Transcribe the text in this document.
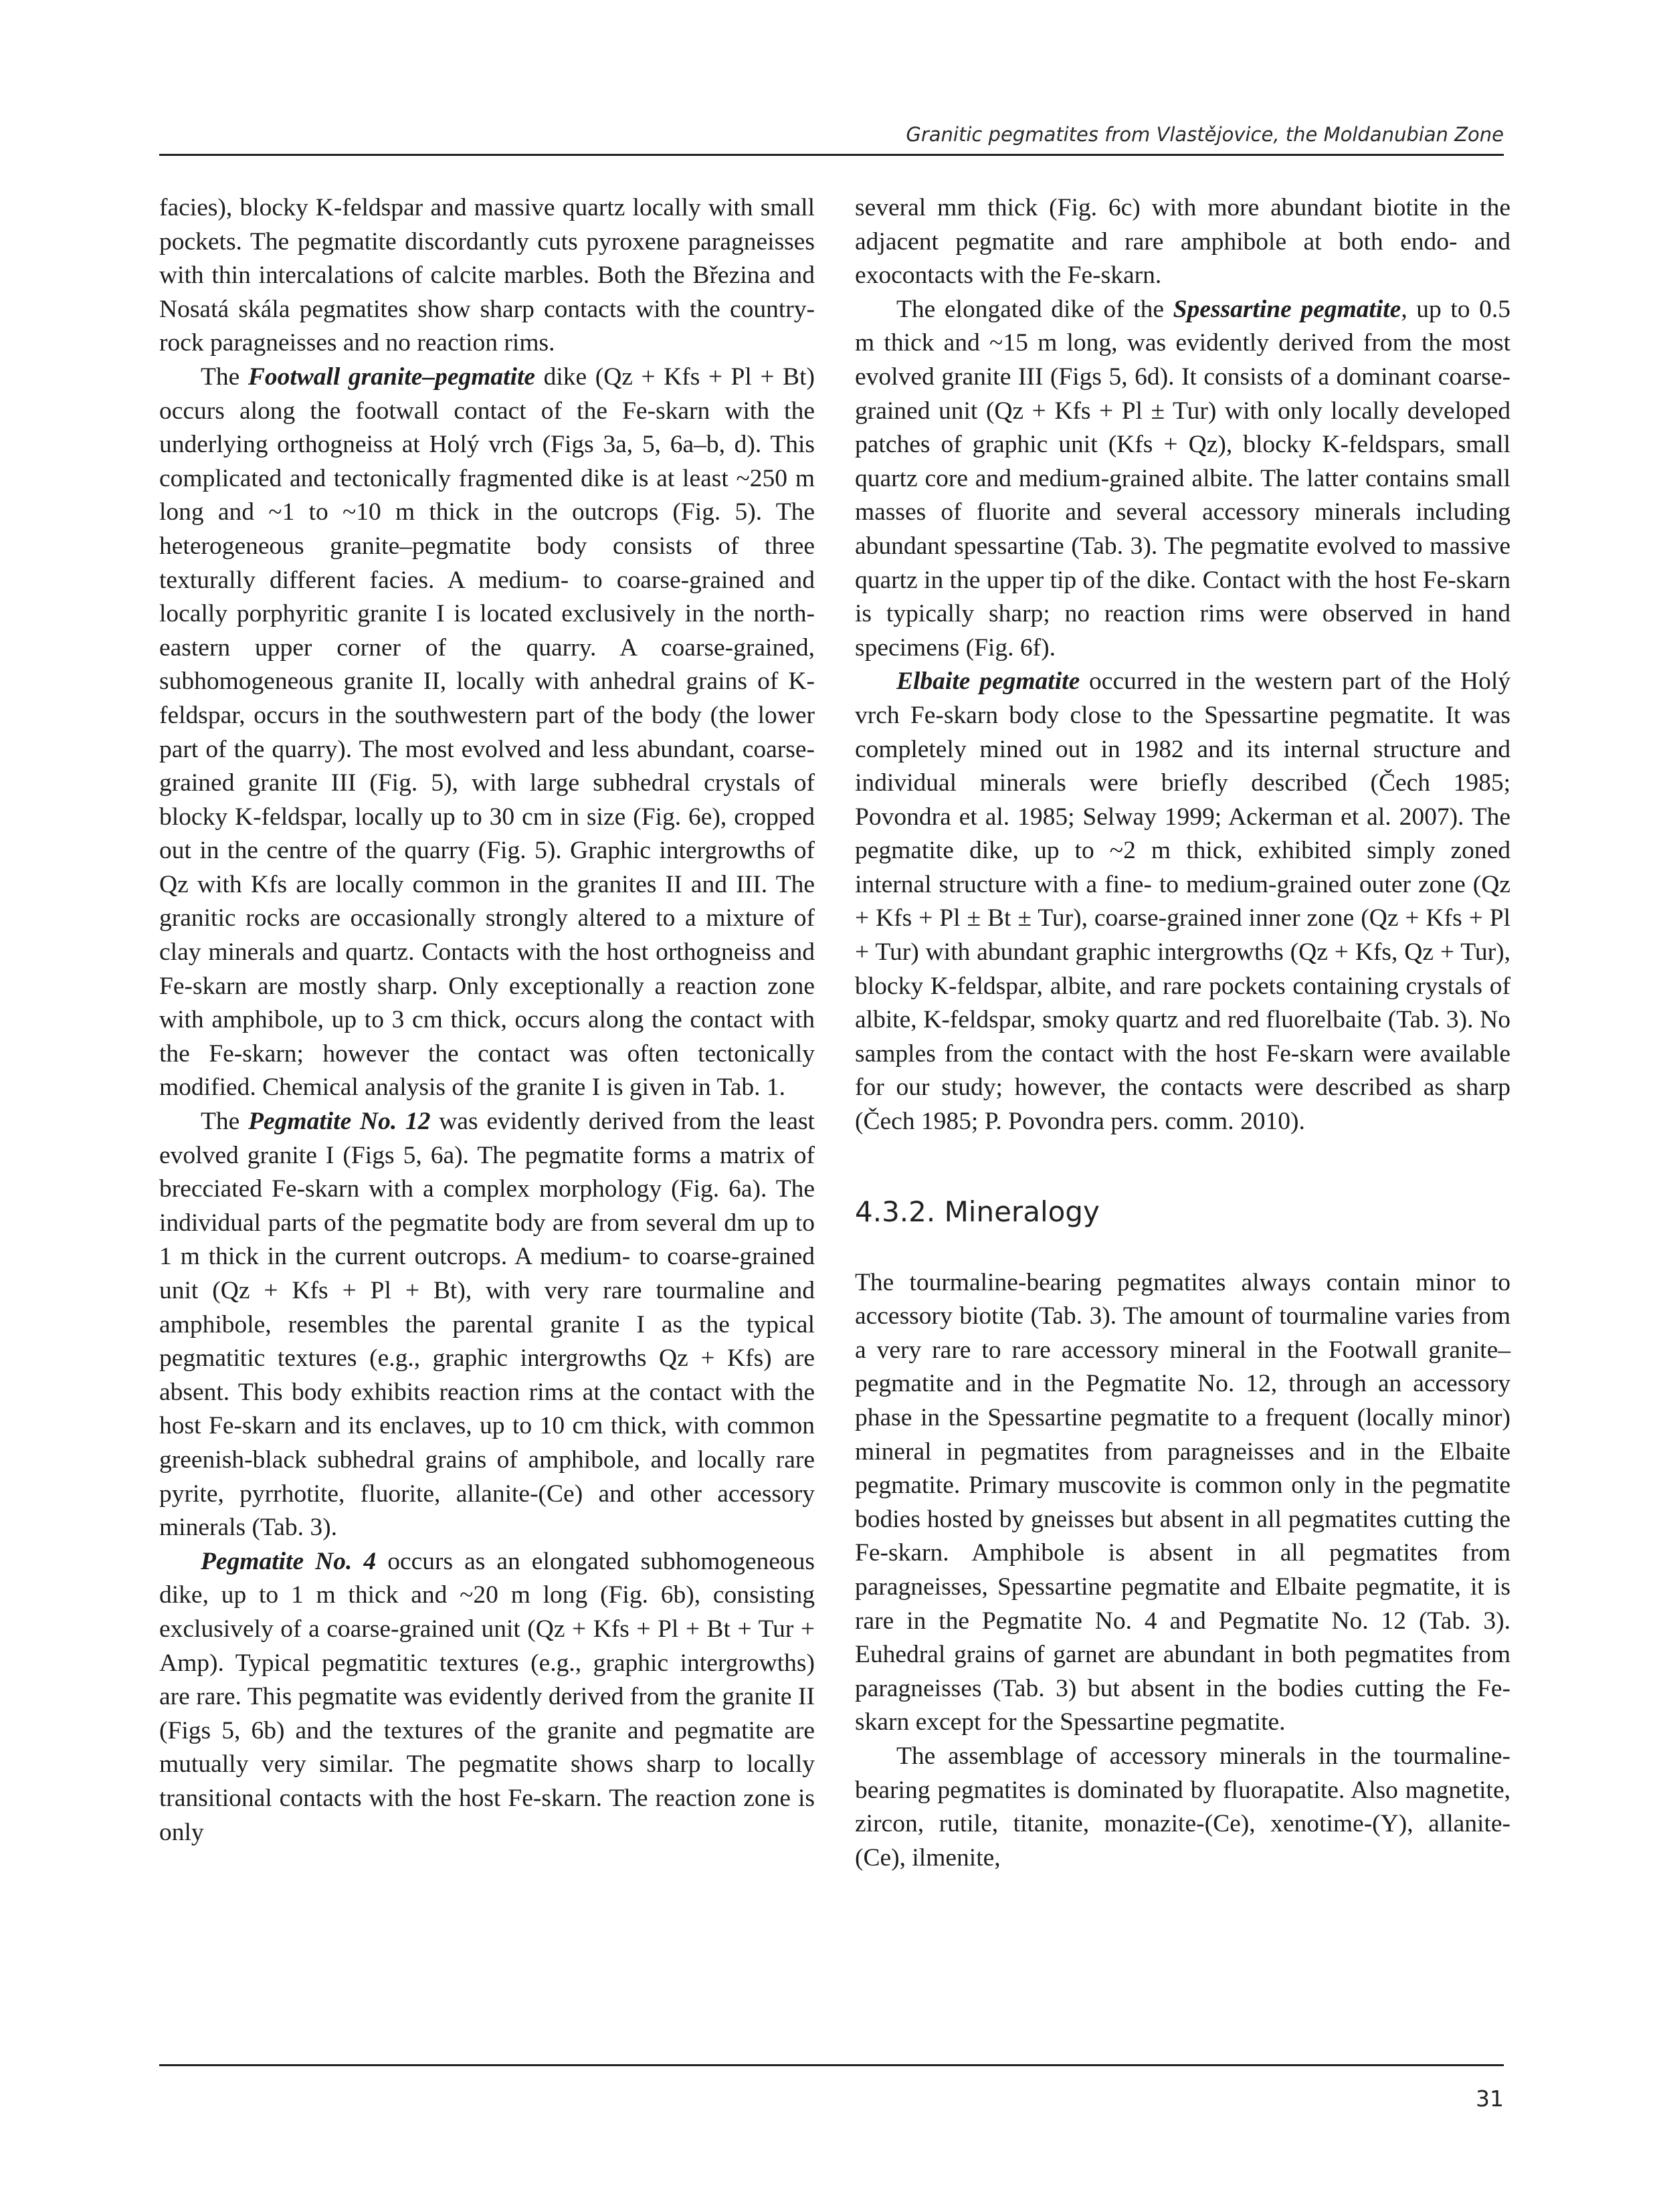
Granitic pegmatites from Vlastějovice, the Moldanubian Zone

facies), blocky K-feldspar and massive quartz locally with small pockets. The pegmatite discordantly cuts pyroxene paragneisses with thin intercalations of calcite marbles. Both the Březina and Nosatá skála pegmatites show sharp contacts with the country-rock paragneisses and no reaction rims.

The Footwall granite–pegmatite dike (Qz + Kfs + Pl + Bt) occurs along the footwall contact of the Fe-skarn with the underlying orthogneiss at Holý vrch (Figs 3a, 5, 6a–b, d). This complicated and tectonically fragmented dike is at least ~250 m long and ~1 to ~10 m thick in the outcrops (Fig. 5). The heterogeneous granite–pegmatite body consists of three texturally different facies. A medium- to coarse-grained and locally porphyritic granite I is located exclusively in the north-eastern upper corner of the quarry. A coarse-grained, subhomogeneous granite II, locally with anhedral grains of K-feldspar, occurs in the southwestern part of the body (the lower part of the quarry). The most evolved and less abundant, coarsegrained granite III (Fig. 5), with large subhedral crystals of blocky K-feldspar, locally up to 30 cm in size (Fig. 6e), cropped out in the centre of the quarry (Fig. 5). Graphic intergrowths of Qz with Kfs are locally common in the granites II and III. The granitic rocks are occasionally strongly altered to a mixture of clay minerals and quartz. Contacts with the host orthogneiss and Fe-skarn are mostly sharp. Only exceptionally a reaction zone with amphibole, up to 3 cm thick, occurs along the contact with the Fe-skarn; however the contact was often tectonically modified. Chemical analysis of the granite I is given in Tab. 1.

The Pegmatite No. 12 was evidently derived from the least evolved granite I (Figs 5, 6a). The pegmatite forms a matrix of brecciated Fe-skarn with a complex morphology (Fig. 6a). The individual parts of the pegmatite body are from several dm up to 1 m thick in the current outcrops. A medium- to coarse-grained unit (Qz + Kfs + Pl + Bt), with very rare tourmaline and amphibole, resembles the parental granite I as the typical pegmatitic textures (e.g., graphic intergrowths Qz + Kfs) are absent. This body exhibits reaction rims at the contact with the host Fe-skarn and its enclaves, up to 10 cm thick, with common greenish-black subhedral grains of amphibole, and locally rare pyrite, pyrrhotite, fluorite, allanite-(Ce) and other accessory minerals (Tab. 3).

Pegmatite No. 4 occurs as an elongated subhomogeneous dike, up to 1 m thick and ~20 m long (Fig. 6b), consisting exclusively of a coarse-grained unit (Qz + Kfs + Pl + Bt + Tur + Amp). Typical pegmatitic textures (e.g., graphic intergrowths) are rare. This pegmatite was evidently derived from the granite II (Figs 5, 6b) and the textures of the granite and pegmatite are mutually very similar. The pegmatite shows sharp to locally transitional contacts with the host Fe-skarn. The reaction zone is only

several mm thick (Fig. 6c) with more abundant biotite in the adjacent pegmatite and rare amphibole at both endo- and exocontacts with the Fe-skarn.

The elongated dike of the Spessartine pegmatite, up to 0.5 m thick and ~15 m long, was evidently derived from the most evolved granite III (Figs 5, 6d). It consists of a dominant coarse-grained unit (Qz + Kfs + Pl ± Tur) with only locally developed patches of graphic unit (Kfs + Qz), blocky K-feldspars, small quartz core and medium-grained albite. The latter contains small masses of fluorite and several accessory minerals including abundant spessartine (Tab. 3). The pegmatite evolved to massive quartz in the upper tip of the dike. Contact with the host Fe-skarn is typically sharp; no reaction rims were observed in hand specimens (Fig. 6f).

Elbaite pegmatite occurred in the western part of the Holý vrch Fe-skarn body close to the Spessartine pegmatite. It was completely mined out in 1982 and its internal structure and individual minerals were briefly described (Čech 1985; Povondra et al. 1985; Selway 1999; Ackerman et al. 2007). The pegmatite dike, up to ~2 m thick, exhibited simply zoned internal structure with a fine- to medium-grained outer zone (Qz + Kfs + Pl ± Bt ± Tur), coarse-grained inner zone (Qz + Kfs + Pl + Tur) with abundant graphic intergrowths (Qz + Kfs, Qz + Tur), blocky K-feldspar, albite, and rare pockets containing crystals of albite, K-feldspar, smoky quartz and red fluorelbaite (Tab. 3). No samples from the contact with the host Fe-skarn were available for our study; however, the contacts were described as sharp (Čech 1985; P. Povondra pers. comm. 2010).

4.3.2. Mineralogy

The tourmaline-bearing pegmatites always contain minor to accessory biotite (Tab. 3). The amount of tourmaline varies from a very rare to rare accessory mineral in the Footwall granite–pegmatite and in the Pegmatite No. 12, through an accessory phase in the Spessartine pegmatite to a frequent (locally minor) mineral in pegmatites from paragneisses and in the Elbaite pegmatite. Primary muscovite is common only in the pegmatite bodies hosted by gneisses but absent in all pegmatites cutting the Fe-skarn. Amphibole is absent in all pegmatites from paragneisses, Spessartine pegmatite and Elbaite pegmatite, it is rare in the Pegmatite No. 4 and Pegmatite No. 12 (Tab. 3). Euhedral grains of garnet are abundant in both pegmatites from paragneisses (Tab. 3) but absent in the bodies cutting the Fe-skarn except for the Spessartine pegmatite.

The assemblage of accessory minerals in the tourmaline-bearing pegmatites is dominated by fluorapatite. Also magnetite, zircon, rutile, titanite, monazite-(Ce), xenotime-(Y), allanite-(Ce), ilmenite,

31
